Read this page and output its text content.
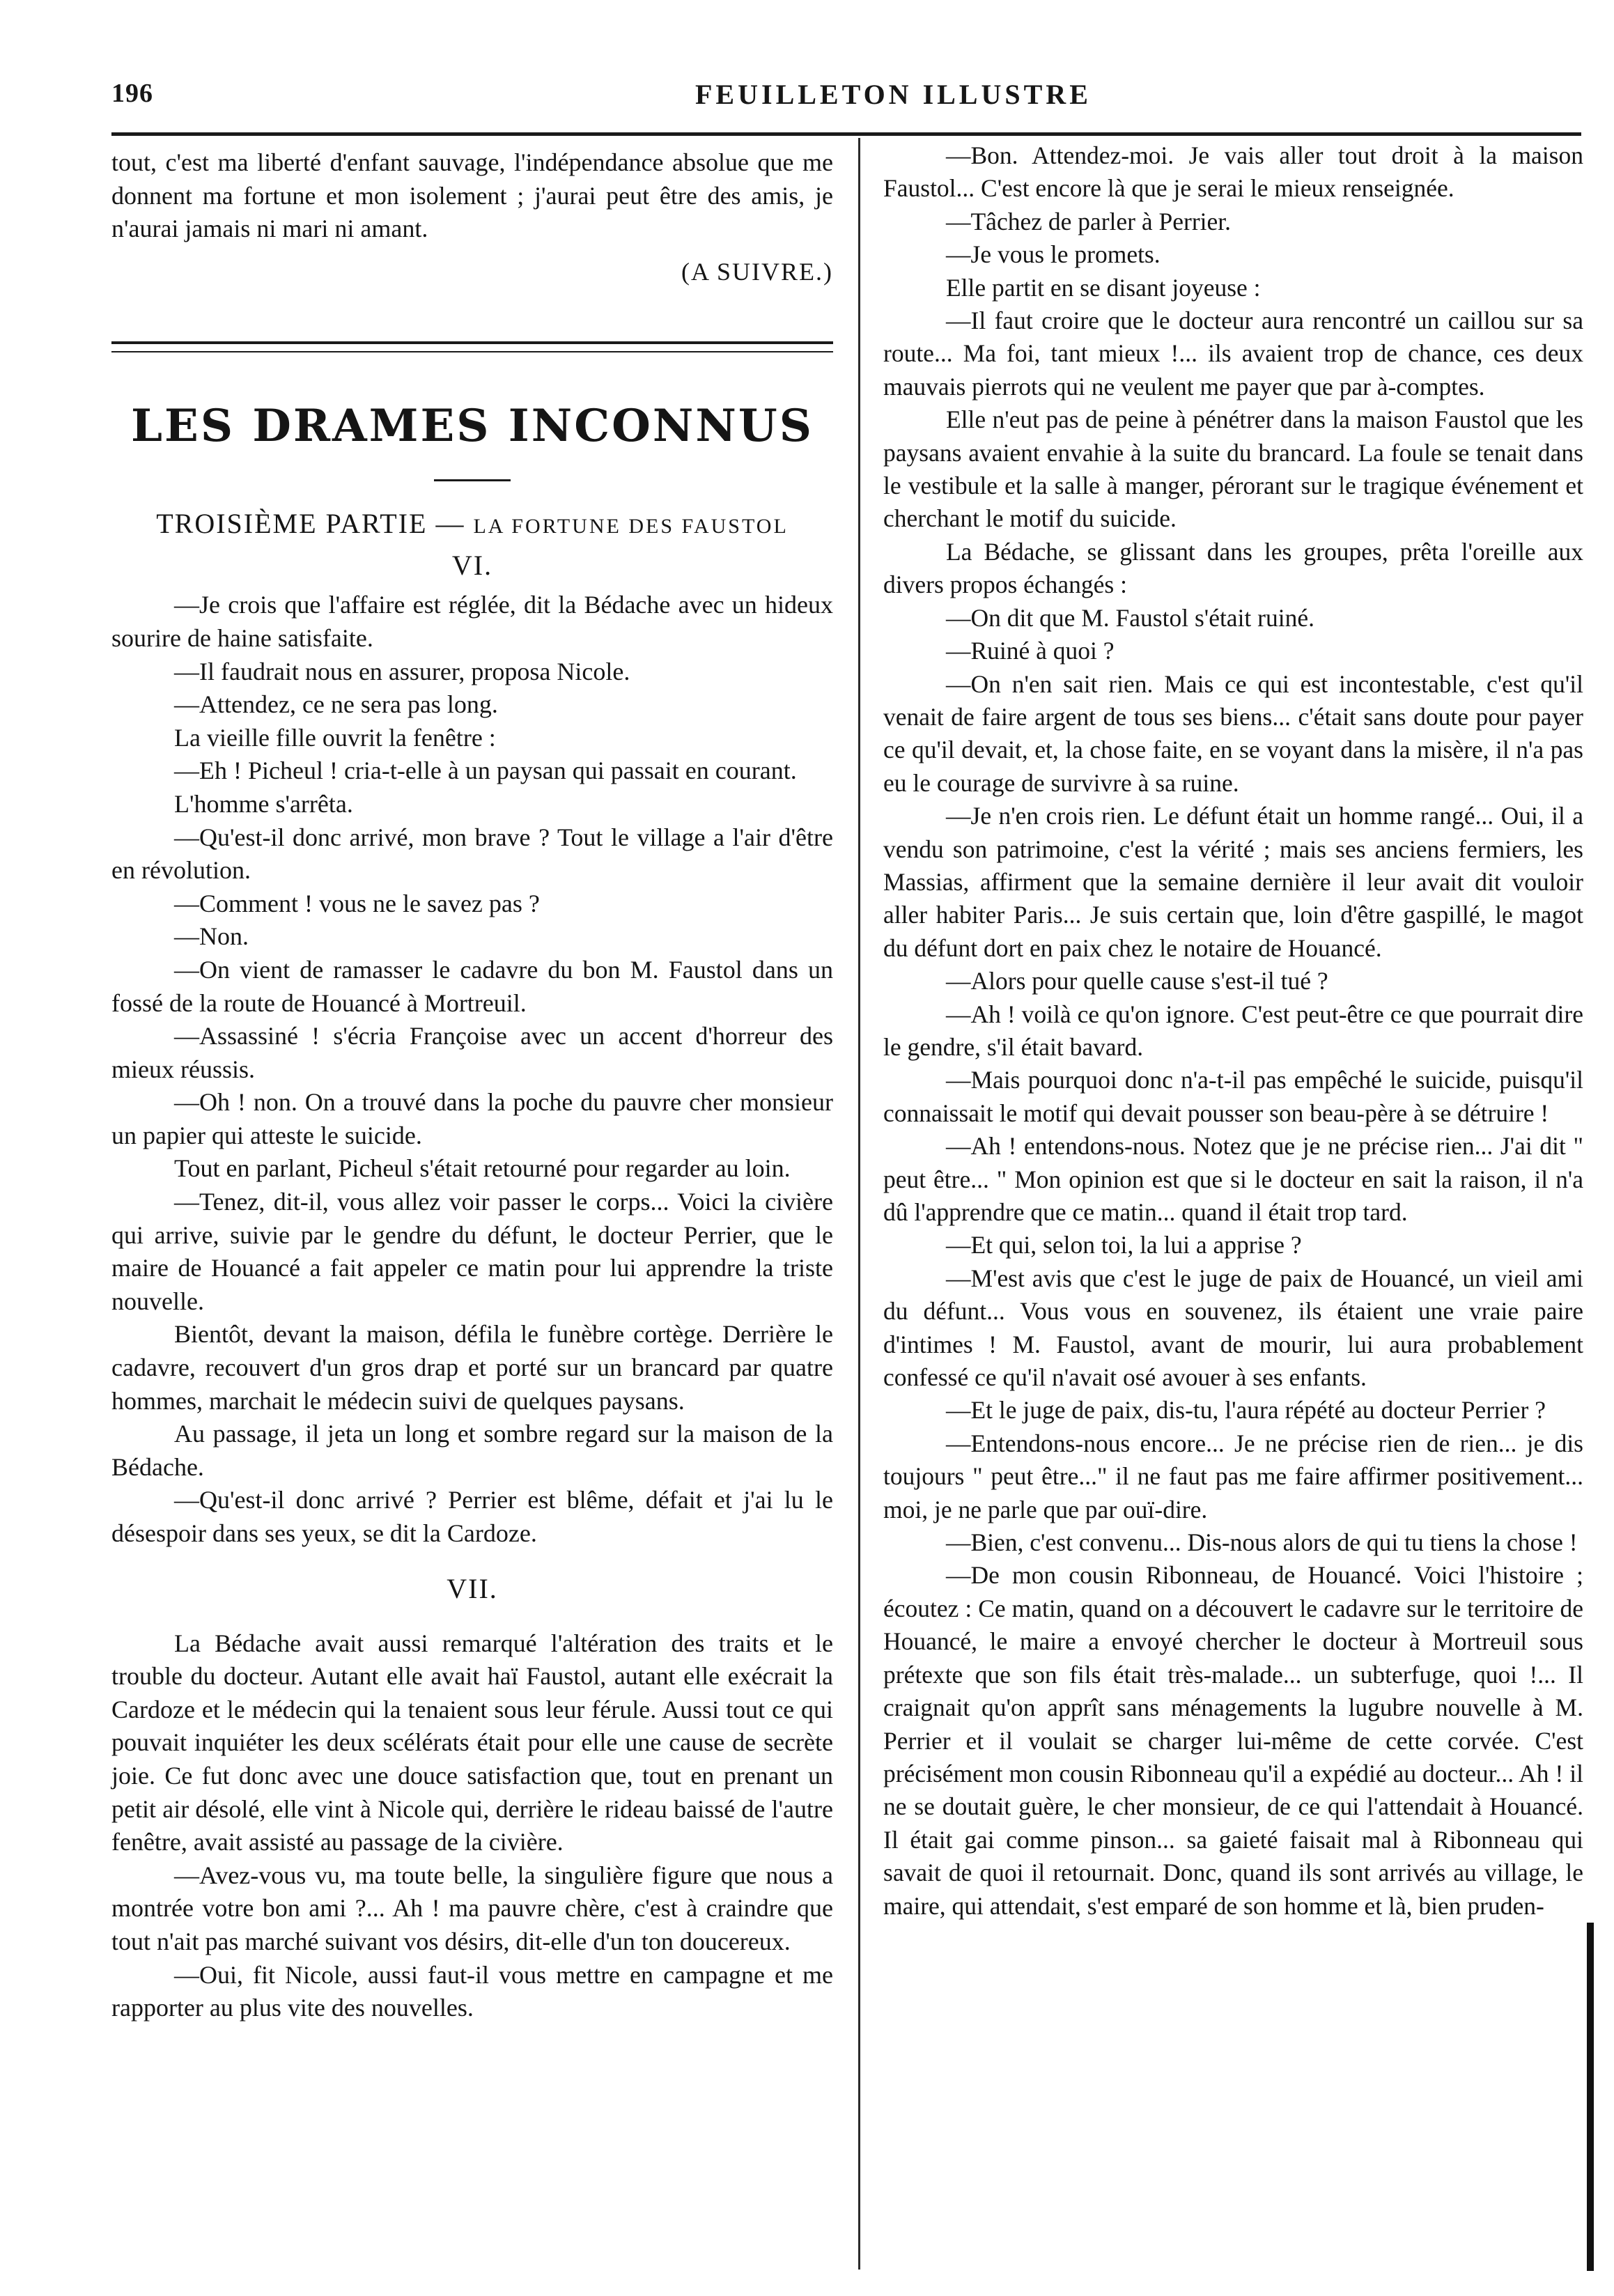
196	FEUILLETON ILLUSTRE

tout, c'est ma liberté d'enfant sauvage, l'indépendance absolue que me donnent ma fortune et mon isolement ; j'aurai peut être des amis, je n'aurai jamais ni mari ni amant.

(A SUIVRE.)

LES DRAMES INCONNUS
TROISIÈME PARTIE — LA FORTUNE DES FAUSTOL
VI.

—Je crois que l'affaire est réglée, dit la Bédache avec un hideux sourire de haine satisfaite.

—Il faudrait nous en assurer, proposa Nicole.

—Attendez, ce ne sera pas long.

La vieille fille ouvrit la fenêtre :

—Eh ! Picheul ! cria-t-elle à un paysan qui passait en courant.

L'homme s'arrêta.

—Qu'est-il donc arrivé, mon brave ? Tout le village a l'air d'être en révolution.

—Comment ! vous ne le savez pas ?

—Non.

—On vient de ramasser le cadavre du bon M. Faustol dans un fossé de la route de Houancé à Mortreuil.

—Assassiné ! s'écria Françoise avec un accent d'horreur des mieux réussis.

—Oh ! non. On a trouvé dans la poche du pauvre cher monsieur un papier qui atteste le suicide.

Tout en parlant, Picheul s'était retourné pour regarder au loin.

—Tenez, dit-il, vous allez voir passer le corps... Voici la civière qui arrive, suivie par le gendre du défunt, le docteur Perrier, que le maire de Houancé a fait appeler ce matin pour lui apprendre la triste nouvelle.

Bientôt, devant la maison, défila le funèbre cortège. Derrière le cadavre, recouvert d'un gros drap et porté sur un brancard par quatre hommes, marchait le médecin suivi de quelques paysans.

Au passage, il jeta un long et sombre regard sur la maison de la Bédache.

—Qu'est-il donc arrivé ? Perrier est blême, défait et j'ai lu le désespoir dans ses yeux, se dit la Cardoze.

VII.

La Bédache avait aussi remarqué l'altération des traits et le trouble du docteur. Autant elle avait haï Faustol, autant elle exécrait la Cardoze et le médecin qui la tenaient sous leur férule. Aussi tout ce qui pouvait inquiéter les deux scélérats était pour elle une cause de secrète joie. Ce fut donc avec une douce satisfaction que, tout en prenant un petit air désolé, elle vint à Nicole qui, derrière le rideau baissé de l'autre fenêtre, avait assisté au passage de la civière.

—Avez-vous vu, ma toute belle, la singulière figure que nous a montrée votre bon ami ?... Ah ! ma pauvre chère, c'est à craindre que tout n'ait pas marché suivant vos désirs, dit-elle d'un ton doucereux.

—Oui, fit Nicole, aussi faut-il vous mettre en campagne et me rapporter au plus vite des nouvelles.

—Bon. Attendez-moi. Je vais aller tout droit à la maison Faustol... C'est encore là que je serai le mieux renseignée.

—Tâchez de parler à Perrier.

—Je vous le promets.

Elle partit en se disant joyeuse :

—Il faut croire que le docteur aura rencontré un caillou sur sa route... Ma foi, tant mieux !... ils avaient trop de chance, ces deux mauvais pierrots qui ne veulent me payer que par à-comptes.

Elle n'eut pas de peine à pénétrer dans la maison Faustol que les paysans avaient envahie à la suite du brancard. La foule se tenait dans le vestibule et la salle à manger, pérorant sur le tragique événement et cherchant le motif du suicide.

La Bédache, se glissant dans les groupes, prêta l'oreille aux divers propos échangés :

—On dit que M. Faustol s'était ruiné.

—Ruiné à quoi ?

—On n'en sait rien. Mais ce qui est incontestable, c'est qu'il venait de faire argent de tous ses biens... c'était sans doute pour payer ce qu'il devait, et, la chose faite, en se voyant dans la misère, il n'a pas eu le courage de survivre à sa ruine.

—Je n'en crois rien. Le défunt était un homme rangé... Oui, il a vendu son patrimoine, c'est la vérité ; mais ses anciens fermiers, les Massias, affirment que la semaine dernière il leur avait dit vouloir aller habiter Paris... Je suis certain que, loin d'être gaspillé, le magot du défunt dort en paix chez le notaire de Houancé.

—Alors pour quelle cause s'est-il tué ?

—Ah ! voilà ce qu'on ignore. C'est peut-être ce que pourrait dire le gendre, s'il était bavard.

—Mais pourquoi donc n'a-t-il pas empêché le suicide, puisqu'il connaissait le motif qui devait pousser son beau-père à se détruire !

—Ah ! entendons-nous. Notez que je ne précise rien... J'ai dit " peut être... " Mon opinion est que si le docteur en sait la raison, il n'a dû l'apprendre que ce matin... quand il était trop tard.

—Et qui, selon toi, la lui a apprise ?

—M'est avis que c'est le juge de paix de Houancé, un vieil ami du défunt... Vous vous en souvenez, ils étaient une vraie paire d'intimes ! M. Faustol, avant de mourir, lui aura probablement confessé ce qu'il n'avait osé avouer à ses enfants.

—Et le juge de paix, dis-tu, l'aura répété au docteur Perrier ?

—Entendons-nous encore... Je ne précise rien de rien... je dis toujours " peut être..." il ne faut pas me faire affirmer positivement... moi, je ne parle que par ouï-dire.

—Bien, c'est convenu... Dis-nous alors de qui tu tiens la chose !

—De mon cousin Ribonneau, de Houancé. Voici l'histoire ; écoutez : Ce matin, quand on a découvert le cadavre sur le territoire de Houancé, le maire a envoyé chercher le docteur à Mortreuil sous prétexte que son fils était très-malade... un subterfuge, quoi !... Il craignait qu'on apprît sans ménagements la lugubre nouvelle à M. Perrier et il voulait se charger lui-même de cette corvée. C'est précisément mon cousin Ribonneau qu'il a expédié au docteur... Ah ! il ne se doutait guère, le cher monsieur, de ce qui l'attendait à Houancé. Il était gai comme pinson... sa gaieté faisait mal à Ribonneau qui savait de quoi il retournait. Donc, quand ils sont arrivés au village, le maire, qui attendait, s'est emparé de son homme et là, bien pruden-
